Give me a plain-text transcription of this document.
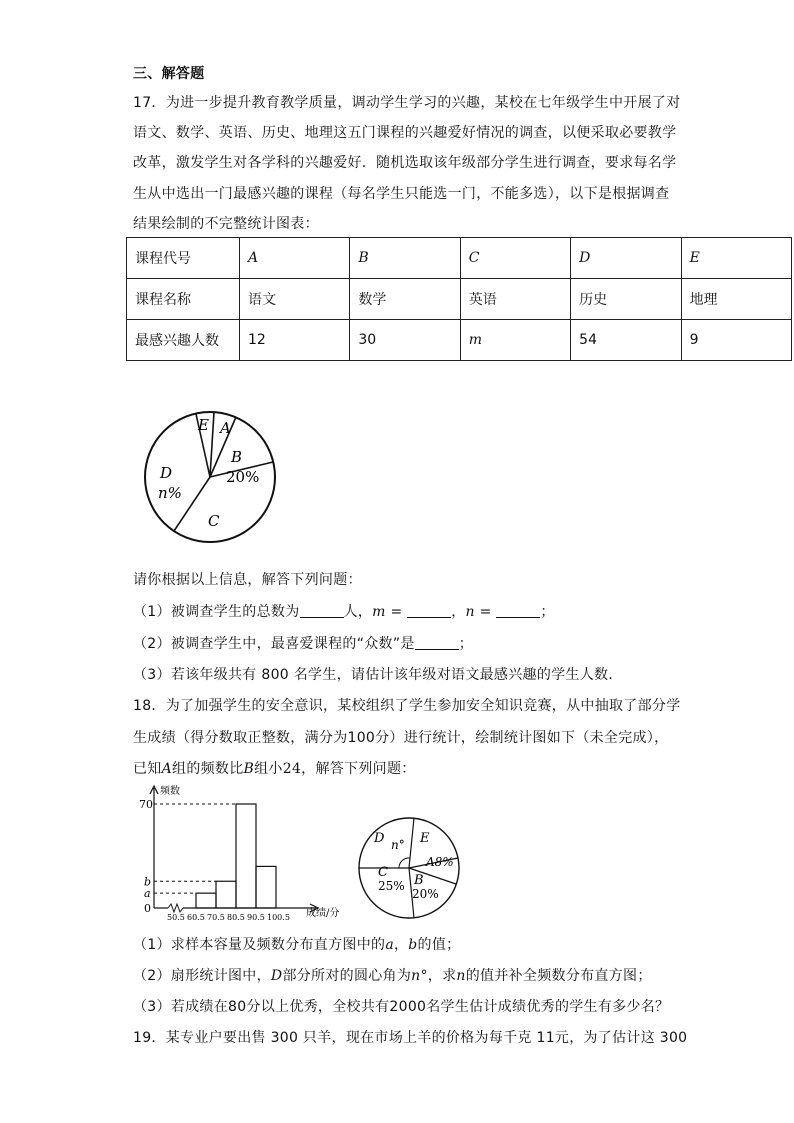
三、解答题
17．为进一步提升教育教学质量，调动学生学习的兴趣，某校在七年级学生中开展了对
语文、数学、英语、历史、地理这五门课程的兴趣爱好情况的调查，以便采取必要教学
改革，激发学生对各学科的兴趣爱好．随机选取该年级部分学生进行调查，要求每名学
生从中选出一门最感兴趣的课程（每名学生只能选一门，不能多选），以下是根据调查
结果绘制的不完整统计图表：
课程代号	A	B	C	D	E
课程名称	语文	数学	英语	历史	地理
最感兴趣人数	12	30	m	54	9
E A
B
20%
D
n%
C
请你根据以上信息，解答下列问题：
（1）被调查学生的总数为	人，m =	，n =	；
（2）被调查学生中，最喜爱课程的“众数”是	；
（3）若该年级共有 800 名学生，请估计该年级对语文最感兴趣的学生人数．
18．为了加强学生的安全意识，某校组织了学生参加安全知识竞赛，从中抽取了部分学
生成绩（得分数取正整数，满分为100分）进行统计，绘制统计图如下（未全完成），
已知A组的频数比B组小24，解答下列问题：
a
b
70
50.5 60.5 70.5 80.5 90.5 100.5
频数
成绩/分
0
D n° E
A8%
C
25% B
20%
（1）求样本容量及频数分布直方图中的a，b的值；
（2）扇形统计图中，D部分所对的圆心角为n°，求n的值并补全频数分布直方图；
（3）若成绩在80分以上优秀，全校共有2000名学生估计成绩优秀的学生有多少名？
19．某专业户要出售 300 只羊，现在市场上羊的价格为每千克 11元，为了估计这 300
